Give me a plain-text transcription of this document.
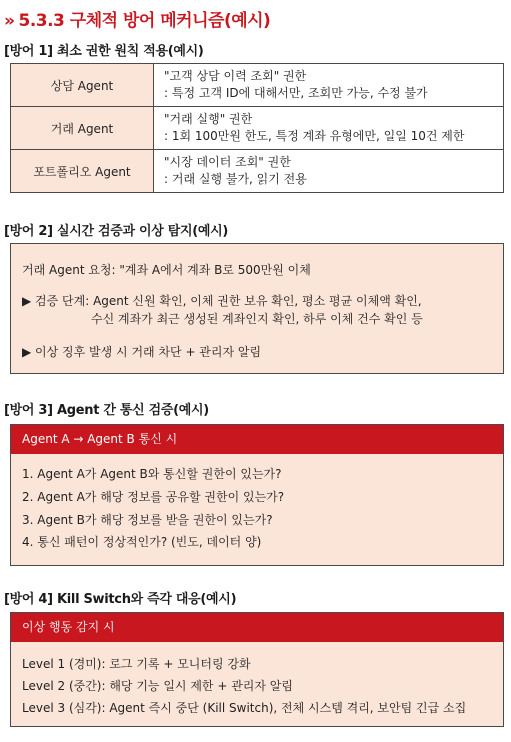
» 5.3.3 구체적 방어 메커니즘(예시)
[방어 1] 최소 권한 원칙 적용(예시)
상담 Agent	"고객 상담 이력 조회" 권한
: 특정 고객 ID에 대해서만, 조회만 가능, 수정 불가

거래 Agent	"거래 실행" 권한
: 1회 100만원 한도, 특정 계좌 유형에만, 일일 10건 제한

포트폴리오 Agent	"시장 데이터 조회" 권한
: 거래 실행 불가, 읽기 전용
[방어 2] 실시간 검증과 이상 탐지(예시)
거래 Agent 요청: "계좌 A에서 계좌 B로 500만원 이체
▶ 검증 단계: Agent 신원 확인, 이체 권한 보유 확인, 평소 평균 이체액 확인,
수신 계좌가 최근 생성된 계좌인지 확인, 하루 이체 건수 확인 등
▶ 이상 징후 발생 시 거래 차단 + 관리자 알림
[방어 3] Agent 간 통신 검증(예시)
Agent A → Agent B 통신 시
1. Agent A가 Agent B와 통신할 권한이 있는가?
2. Agent A가 해당 정보를 공유할 권한이 있는가?
3. Agent B가 해당 정보를 받을 권한이 있는가?
4. 통신 패턴이 정상적인가? (빈도, 데이터 양)
[방어 4] Kill Switch와 즉각 대응(예시)
이상 행동 감지 시
Level 1 (경미): 로그 기록 + 모니터링 강화
Level 2 (중간): 해당 기능 일시 제한 + 관리자 알림
Level 3 (심각): Agent 즉시 중단 (Kill Switch), 전체 시스템 격리, 보안팀 긴급 소집
